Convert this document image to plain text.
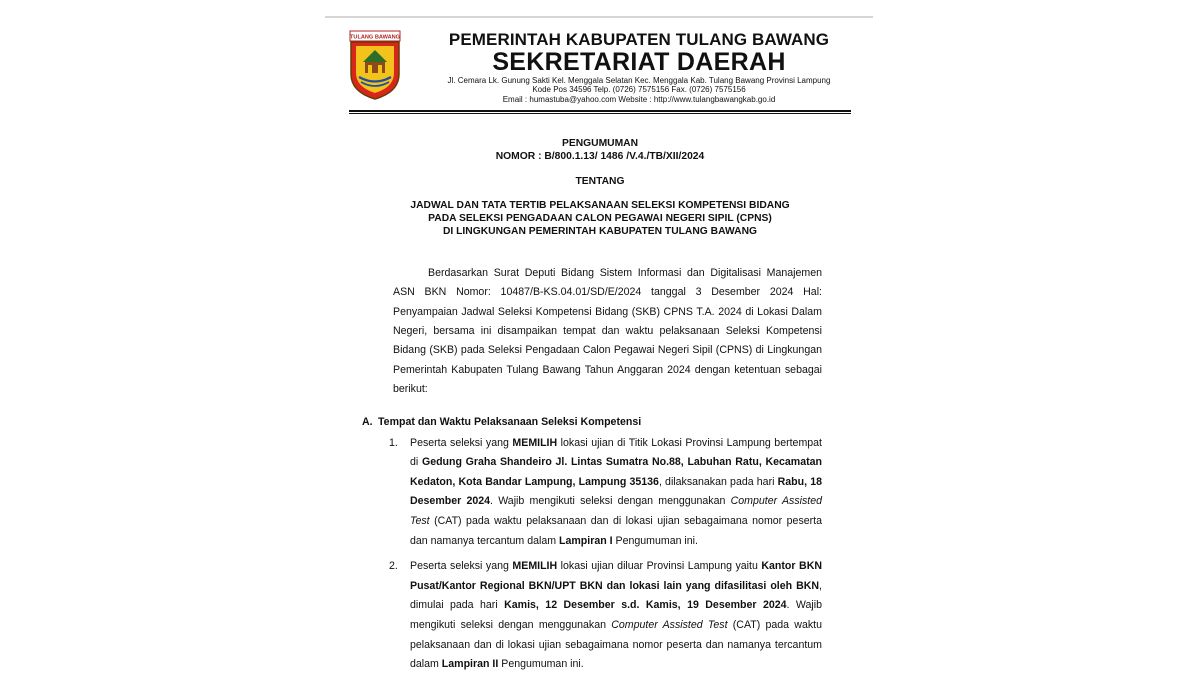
TULANG BAWANG	PEMERINTAH KABUPATEN TULANG BAWANG
SEKRETARIAT DAERAH
Jl. Cemara Lk. Gunung Sakti Kel. Menggala Selatan Kec. Menggala Kab. Tulang Bawang Provinsi Lampung
Kode Pos 34596 Telp. (0726) 7575156 Fax. (0726) 7575156
Email : humastuba@yahoo.com Website : http://www.tulangbawangkab.go.id
PENGUMUMAN
NOMOR : B/800.1.13/ 1486 /V.4./TB/XII/2024
TENTANG
JADWAL DAN TATA TERTIB PELAKSANAAN SELEKSI KOMPETENSI BIDANG
PADA SELEKSI PENGADAAN CALON PEGAWAI NEGERI SIPIL (CPNS)
DI LINGKUNGAN PEMERINTAH KABUPATEN TULANG BAWANG

Berdasarkan Surat Deputi Bidang Sistem Informasi dan Digitalisasi Manajemen ASN BKN Nomor: 10487/B-KS.04.01/SD/E/2024 tanggal 3 Desember 2024 Hal: Penyampaian Jadwal Seleksi Kompetensi Bidang (SKB) CPNS T.A. 2024 di Lokasi Dalam Negeri, bersama ini disampaikan tempat dan waktu pelaksanaan Seleksi Kompetensi Bidang (SKB) pada Seleksi Pengadaan Calon Pegawai Negeri Sipil (CPNS) di Lingkungan Pemerintah Kabupaten Tulang Bawang Tahun Anggaran 2024 dengan ketentuan sebagai berikut:

A. Tempat dan Waktu Pelaksanaan Seleksi Kompetensi
1. Peserta seleksi yang MEMILIH lokasi ujian di Titik Lokasi Provinsi Lampung bertempat di Gedung Graha Shandeiro Jl. Lintas Sumatra No.88, Labuhan Ratu, Kecamatan Kedaton, Kota Bandar Lampung, Lampung 35136, dilaksanakan pada hari Rabu, 18 Desember 2024. Wajib mengikuti seleksi dengan menggunakan Computer Assisted Test (CAT) pada waktu pelaksanaan dan di lokasi ujian sebagaimana nomor peserta dan namanya tercantum dalam Lampiran I Pengumuman ini.
2. Peserta seleksi yang MEMILIH lokasi ujian diluar Provinsi Lampung yaitu Kantor BKN Pusat/Kantor Regional BKN/UPT BKN dan lokasi lain yang difasilitasi oleh BKN, dimulai pada hari Kamis, 12 Desember s.d. Kamis, 19 Desember 2024. Wajib mengikuti seleksi dengan menggunakan Computer Assisted Test (CAT) pada waktu pelaksanaan dan di lokasi ujian sebagaimana nomor peserta dan namanya tercantum dalam Lampiran II Pengumuman ini.
